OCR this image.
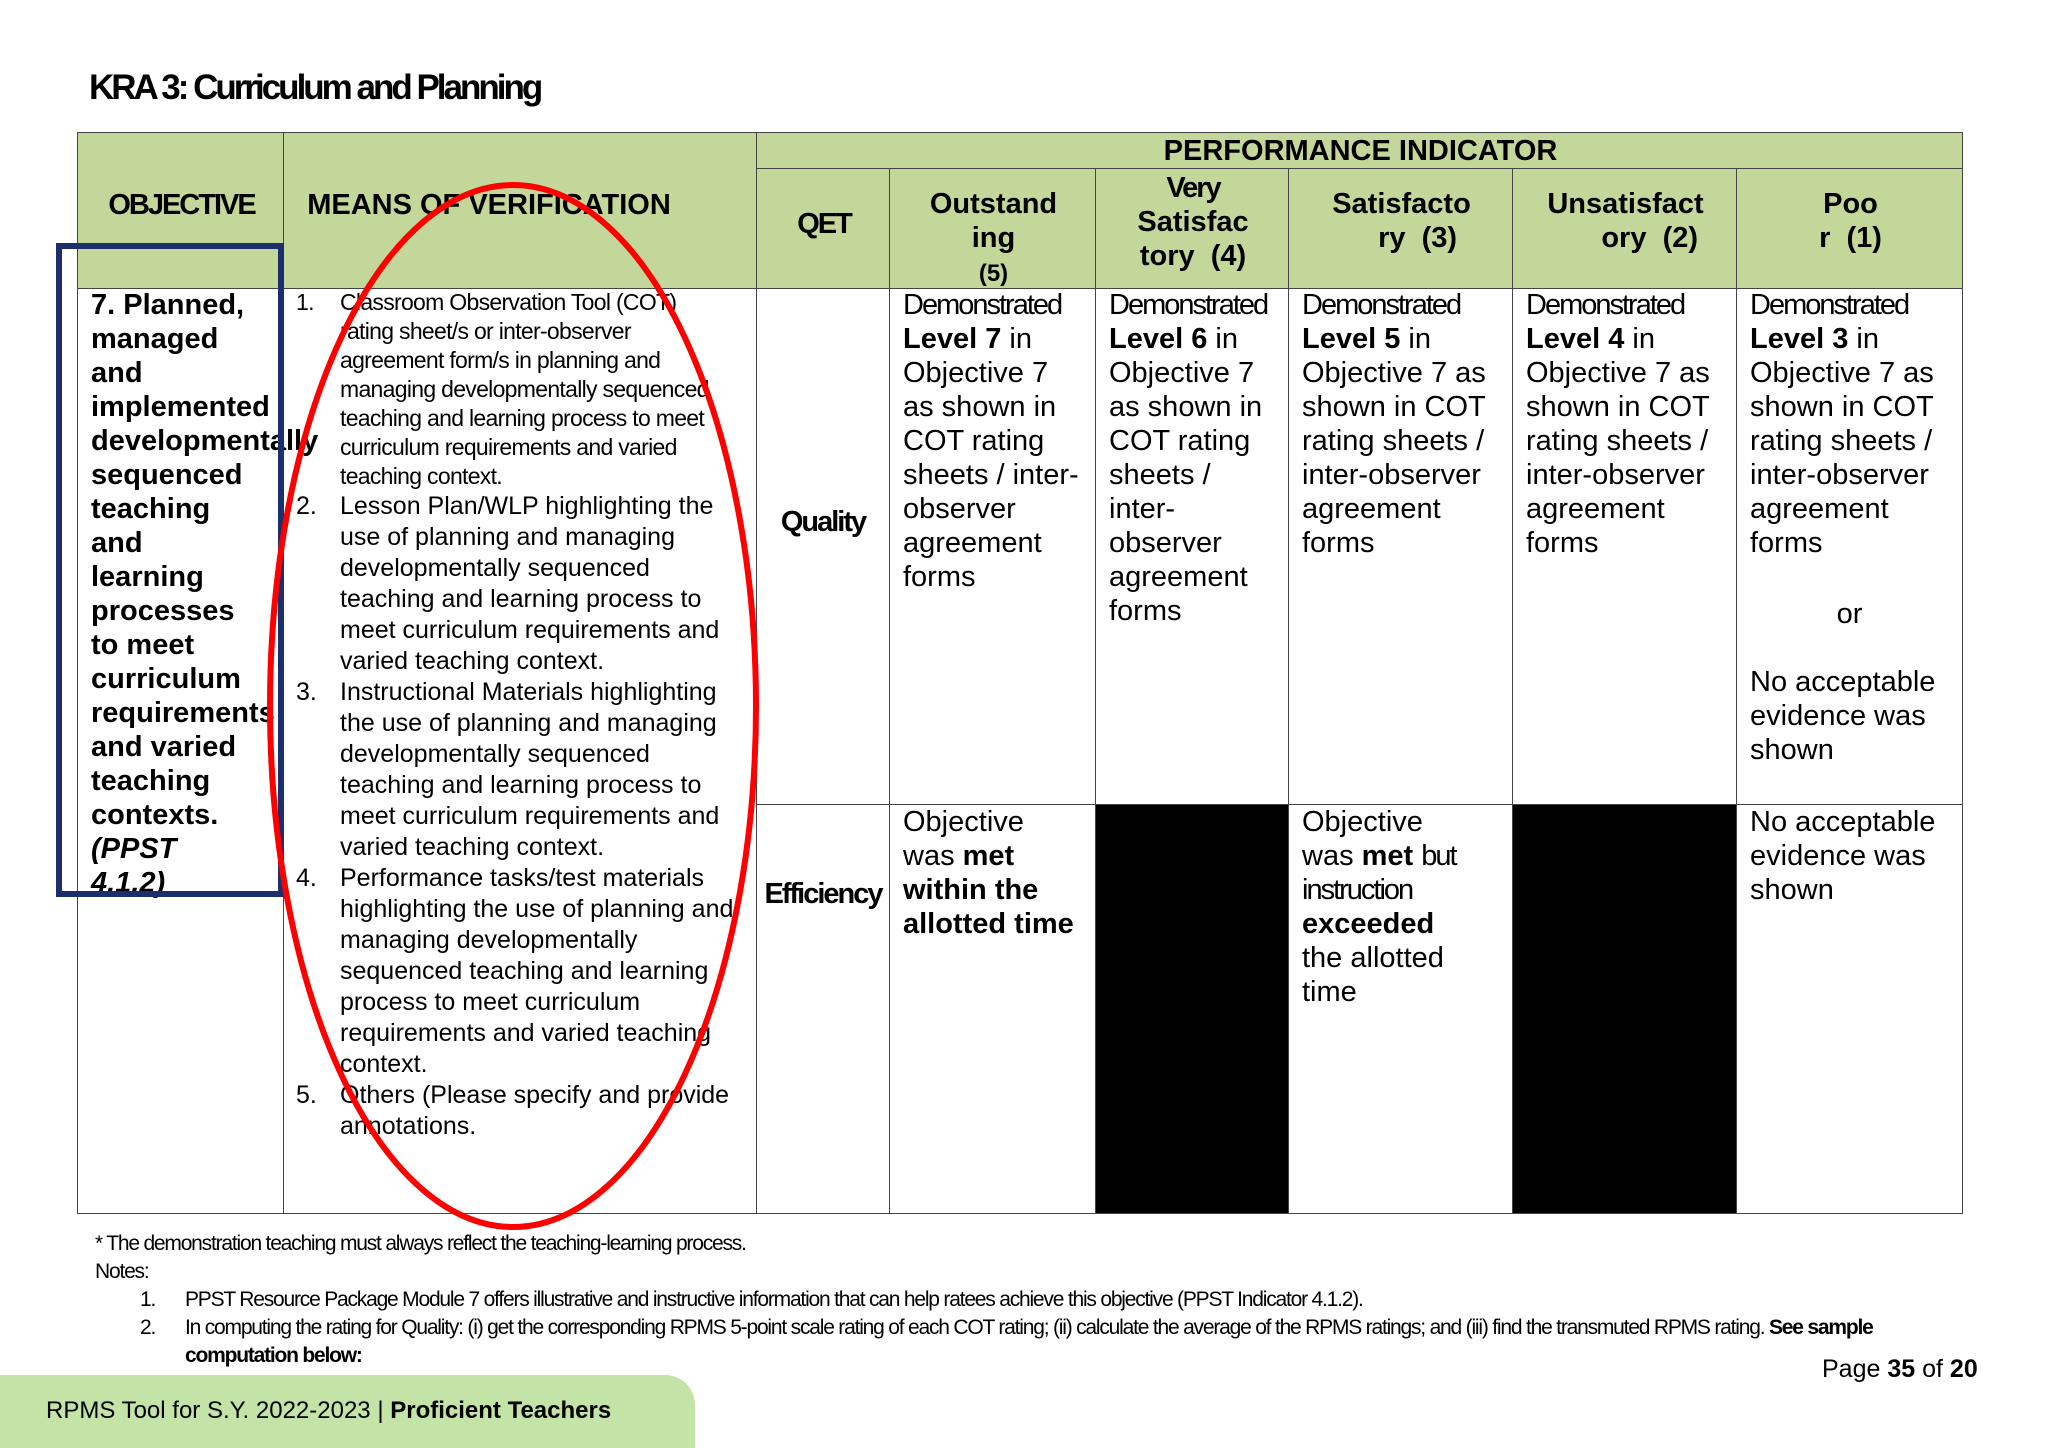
KRA 3: Curriculum and Planning
OBJECTIVE	MEANS OF VERIFICATION
PERFORMANCE INDICATOR
QET
Outstand
ing
(5)
Very
Satisfac
tory  (4)
Satisfacto
ry  (3)
Unsatisfact
ory  (2)
Poo
r  (1)
7. Planned, managed and implemented developmentally sequenced teaching and learning processes to meet curriculum requirements and varied teaching contexts.
(PPST 4.1.2)
1. Classroom Observation Tool (COT) rating sheet/s or inter-observer agreement form/s in planning and managing developmentally sequenced teaching and learning process to meet curriculum requirements and varied teaching context.
2. Lesson Plan/WLP highlighting the use of planning and managing developmentally sequenced teaching and learning process to meet curriculum requirements and varied teaching context.
3. Instructional Materials highlighting the use of planning and managing developmentally sequenced teaching and learning process to meet curriculum requirements and varied teaching context.
4. Performance tasks/test materials highlighting the use of planning and managing developmentally sequenced teaching and learning process to meet curriculum requirements and varied teaching context.
5. Others (Please specify and provide annotations.
Quality
Efficiency
Demonstrated Level 7 in Objective 7 as shown in COT rating sheets / inter-observer agreement forms
Demonstrated Level 6 in Objective 7 as shown in COT rating sheets / inter-observer agreement forms
Demonstrated Level 5 in Objective 7 as shown in COT rating sheets / inter-observer agreement forms
Demonstrated Level 4 in Objective 7 as shown in COT rating sheets / inter-observer agreement forms
Demonstrated Level 3 in Objective 7 as shown in COT rating sheets / inter-observer agreement forms
or
No acceptable evidence was shown
Objective was met within the allotted time
Objective was met but instruction exceeded the allotted time
No acceptable evidence was shown
* The demonstration teaching must always reflect the teaching-learning process.
Notes:
1. PPST Resource Package Module 7 offers illustrative and instructive information that can help ratees achieve this objective (PPST Indicator 4.1.2).
2. In computing the rating for Quality: (i) get the corresponding RPMS 5-point scale rating of each COT rating; (ii) calculate the average of the RPMS ratings; and (iii) find the transmuted RPMS rating. See sample computation below:	Page 35 of 20
RPMS Tool for S.Y. 2022-2023 | Proficient Teachers
